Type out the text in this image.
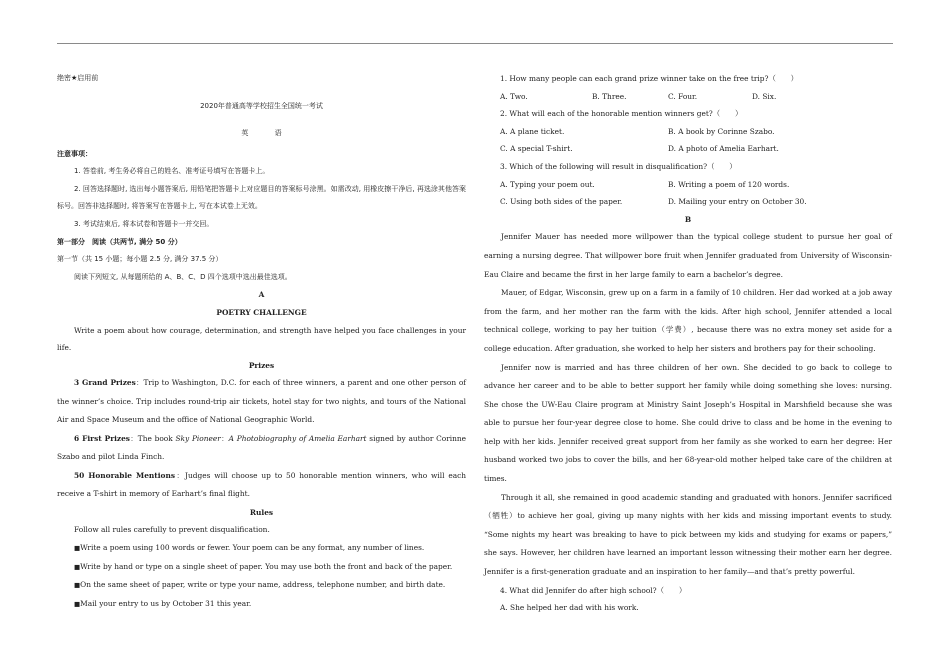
绝密★启用前
2020年普通高等学校招生全国统一考试
英 语
注意事项：
1. 答卷前, 考生务必将自己的姓名、准考证号填写在答题卡上。
2. 回答选择题时, 选出每小题答案后, 用铅笔把答题卡上对应题目的答案标号涂黑。如需改动, 用橡皮擦干净后, 再选涂其他答案标号。回答非选择题时, 将答案写在答题卡上, 写在本试卷上无效。
3. 考试结束后, 将本试卷和答题卡一并交回。
第一部分　阅读（共两节, 满分 50 分）
第一节（共 15 小题；每小题 2.5 分, 满分 37.5 分）
阅读下列短文, 从每题所给的 A、B、C、D 四个选项中选出最佳选项。
A
POETRY CHALLENGE
Write a poem about how courage, determination, and strength have helped you face challenges in your life.
Prizes
3 Grand Prizes：Trip to Washington, D.C. for each of three winners, a parent and one other person of the winner’s choice. Trip includes round-trip air tickets, hotel stay for two nights, and tours of the National Air and Space Museum and the office of National Geographic World.
6 First Prizes：The book Sky Pioneer：A Photobiography of Amelia Earhart signed by author Corinne Szabo and pilot Linda Finch.
50 Honorable Mentions：Judges will choose up to 50 honorable mention winners, who will each receive a T-shirt in memory of Earhart’s final flight.
Rules
Follow all rules carefully to prevent disqualification.
■Write a poem using 100 words or fewer. Your poem can be any format, any number of lines.
■Write by hand or type on a single sheet of paper. You may use both the front and back of the paper.
■On the same sheet of paper, write or type your name, address, telephone number, and birth date.
■Mail your entry to us by October 31 this year.
1. How many people can each grand prize winner take on the free trip?（　　）
A. Two.	B. Three.	C. Four.	D. Six.
2. What will each of the honorable mention winners get?（　　）
A. A plane ticket.	B. A book by Corinne Szabo.
C. A special T-shirt.	D. A photo of Amelia Earhart.
3. Which of the following will result in disqualification?（　　）
A. Typing your poem out.	B. Writing a poem of 120 words.
C. Using both sides of the paper.	D. Mailing your entry on October 30.
B
Jennifer Mauer has needed more willpower than the typical college student to pursue her goal of earning a nursing degree. That willpower bore fruit when Jennifer graduated from University of Wisconsin-Eau Claire and became the first in her large family to earn a bachelor’s degree.
Mauer, of Edgar, Wisconsin, grew up on a farm in a family of 10 children. Her dad worked at a job away from the farm, and her mother ran the farm with the kids. After high school, Jennifer attended a local technical college, working to pay her tuition（学费）, because there was no extra money set aside for a college education. After graduation, she worked to help her sisters and brothers pay for their schooling.
Jennifer now is married and has three children of her own. She decided to go back to college to advance her career and to be able to better support her family while doing something she loves: nursing. She chose the UW-Eau Claire program at Ministry Saint Joseph’s Hospital in Marshfield because she was able to pursue her four-year degree close to home. She could drive to class and be home in the evening to help with her kids. Jennifer received great support from her family as she worked to earn her degree: Her husband worked two jobs to cover the bills, and her 68-year-old mother helped take care of the children at times.
Through it all, she remained in good academic standing and graduated with honors. Jennifer sacrificed（牺牲）to achieve her goal, giving up many nights with her kids and missing important events to study. “Some nights my heart was breaking to have to pick between my kids and studying for exams or papers,” she says. However, her children have learned an important lesson witnessing their mother earn her degree. Jennifer is a first-generation graduate and an inspiration to her family—and that’s pretty powerful.
4. What did Jennifer do after high school?（　　）
A. She helped her dad with his work.
